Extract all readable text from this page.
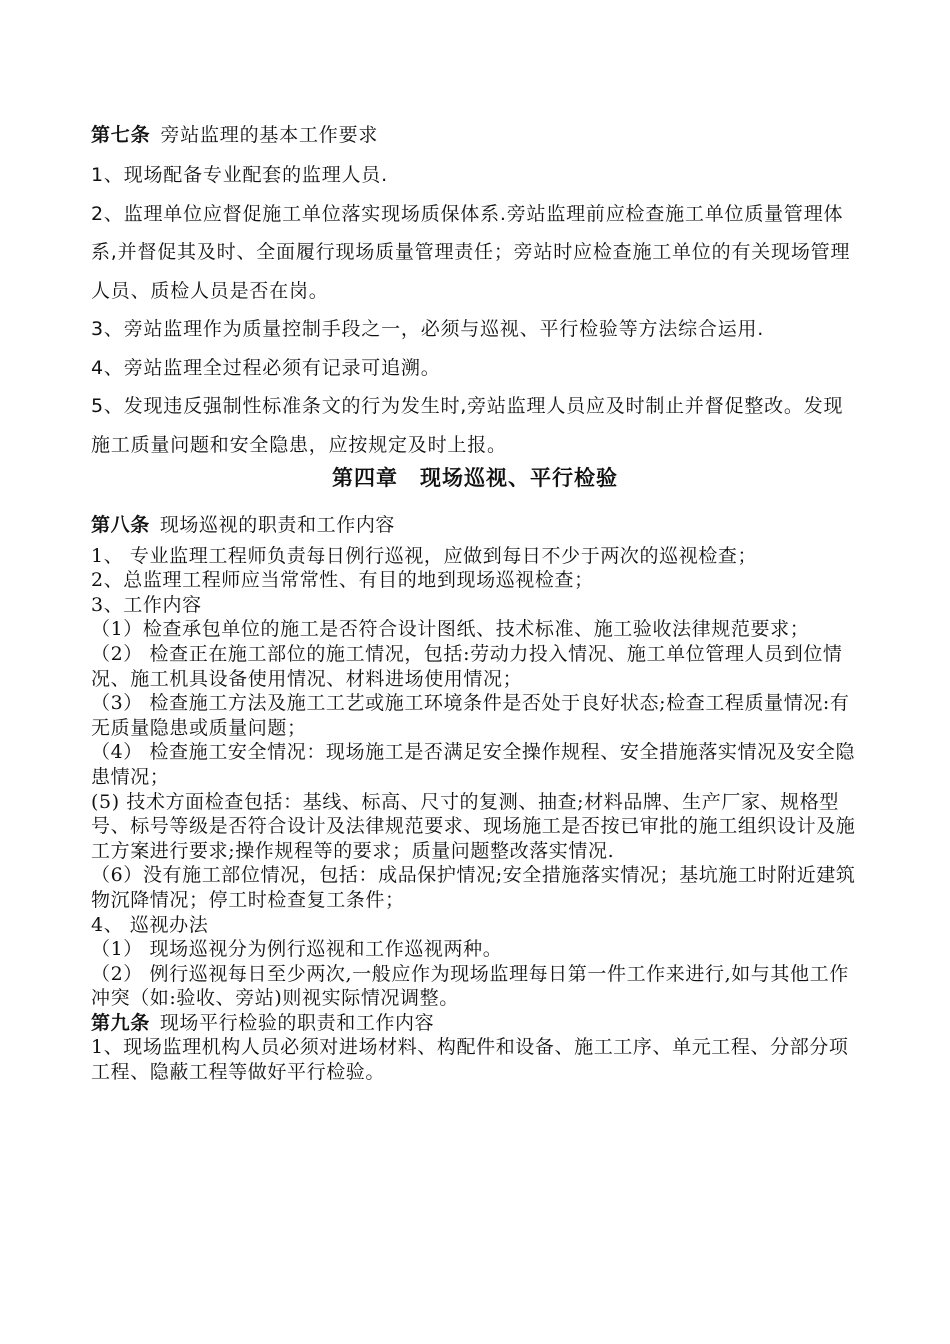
第七条 旁站监理的基本工作要求

1、现场配备专业配套的监理人员.

2、监理单位应督促施工单位落实现场质保体系.旁站监理前应检查施工单位质量管理体系,并督促其及时、全面履行现场质量管理责任；旁站时应检查施工单位的有关现场管理人员、质检人员是否在岗。

3、旁站监理作为质量控制手段之一，必须与巡视、平行检验等方法综合运用.

4、旁站监理全过程必须有记录可追溯。

5、发现违反强制性标准条文的行为发生时,旁站监理人员应及时制止并督促整改。发现施工质量问题和安全隐患，应按规定及时上报。

第四章 现场巡视、平行检验

第八条 现场巡视的职责和工作内容

1、 专业监理工程师负责每日例行巡视，应做到每日不少于两次的巡视检查；

2、总监理工程师应当常常性、有目的地到现场巡视检查；

3、工作内容

（1）检查承包单位的施工是否符合设计图纸、技术标准、施工验收法律规范要求；

（2） 检查正在施工部位的施工情况，包括:劳动力投入情况、施工单位管理人员到位情况、施工机具设备使用情况、材料进场使用情况；

（3） 检查施工方法及施工工艺或施工环境条件是否处于良好状态;检查工程质量情况:有无质量隐患或质量问题；

（4） 检查施工安全情况：现场施工是否满足安全操作规程、安全措施落实情况及安全隐患情况；

(5) 技术方面检查包括：基线、标高、尺寸的复测、抽查;材料品牌、生产厂家、规格型号、标号等级是否符合设计及法律规范要求、现场施工是否按已审批的施工组织设计及施工方案进行要求;操作规程等的要求；质量问题整改落实情况.

（6）没有施工部位情况，包括：成品保护情况;安全措施落实情况；基坑施工时附近建筑物沉降情况；停工时检查复工条件；

4、 巡视办法

（1） 现场巡视分为例行巡视和工作巡视两种。

（2） 例行巡视每日至少两次,一般应作为现场监理每日第一件工作来进行,如与其他工作冲突（如:验收、旁站)则视实际情况调整。

第九条 现场平行检验的职责和工作内容

1、现场监理机构人员必须对进场材料、构配件和设备、施工工序、单元工程、分部分项工程、隐蔽工程等做好平行检验。
